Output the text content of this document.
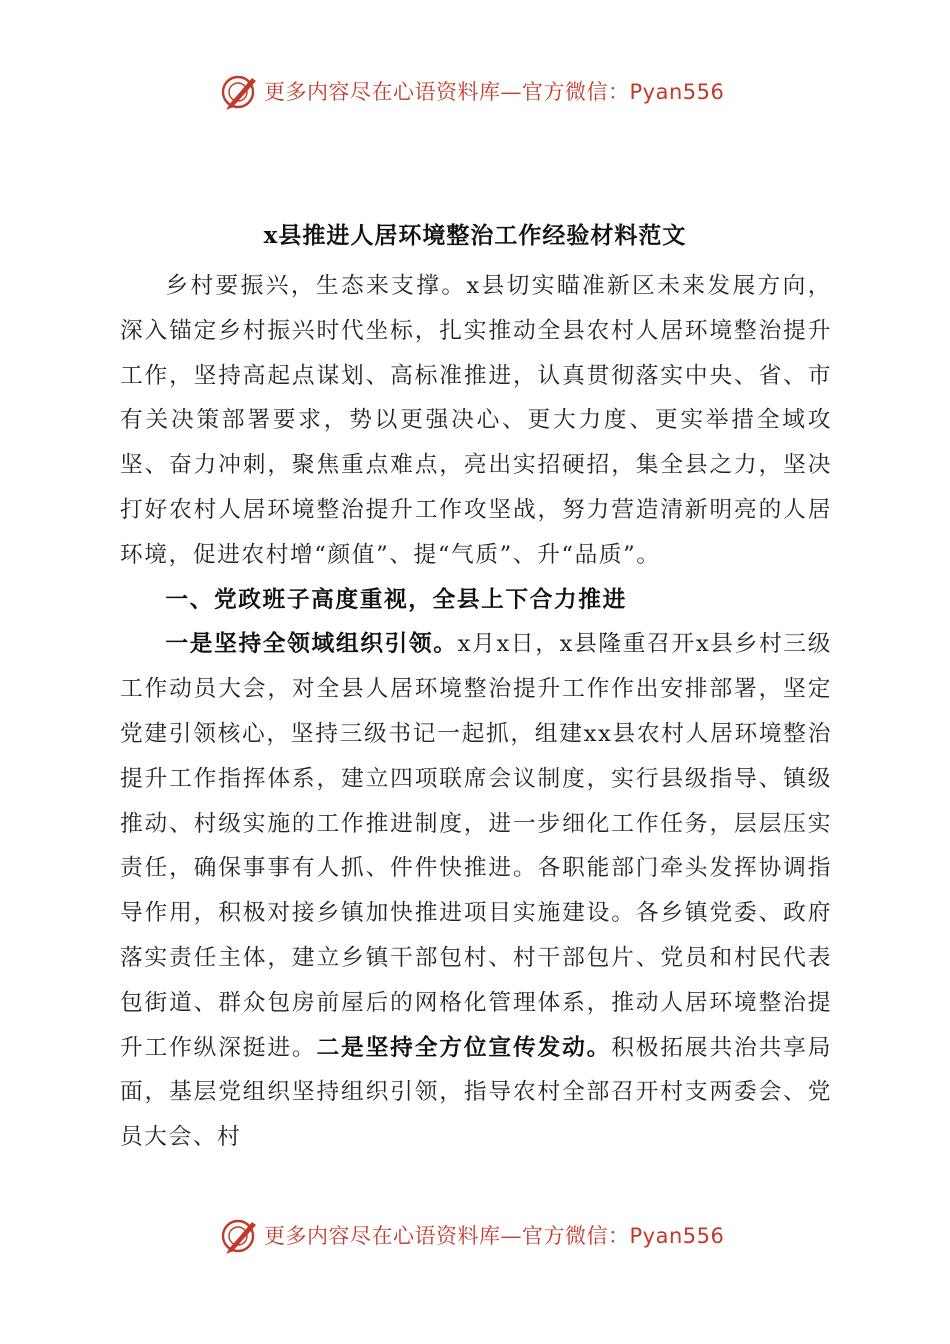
更多内容尽在心语资料库—官方微信：Pyan556
x县推进人居环境整治工作经验材料范文

乡村要振兴，生态来支撑。x县切实瞄准新区未来发展方向，深入锚定乡村振兴时代坐标，扎实推动全县农村人居环境整治提升工作，坚持高起点谋划、高标准推进，认真贯彻落实中央、省、市有关决策部署要求，势以更强决心、更大力度、更实举措全域攻坚、奋力冲刺，聚焦重点难点，亮出实招硬招，集全县之力，坚决打好农村人居环境整治提升工作攻坚战，努力营造清新明亮的人居环境，促进农村增“颜值”、提“气质”、升“品质”。

一、党政班子高度重视，全县上下合力推进

一是坚持全领域组织引领。x月x日，x县隆重召开x县乡村三级工作动员大会，对全县人居环境整治提升工作作出安排部署，坚定党建引领核心，坚持三级书记一起抓，组建xx县农村人居环境整治提升工作指挥体系，建立四项联席会议制度，实行县级指导、镇级推动、村级实施的工作推进制度，进一步细化工作任务，层层压实责任，确保事事有人抓、件件快推进。各职能部门牵头发挥协调指导作用，积极对接乡镇加快推进项目实施建设。各乡镇党委、政府落实责任主体，建立乡镇干部包村、村干部包片、党员和村民代表包街道、群众包房前屋后的网格化管理体系，推动人居环境整治提升工作纵深挺进。二是坚持全方位宣传发动。积极拓展共治共享局面，基层党组织坚持组织引领，指导农村全部召开村支两委会、党员大会、村

更多内容尽在心语资料库—官方微信：Pyan556
